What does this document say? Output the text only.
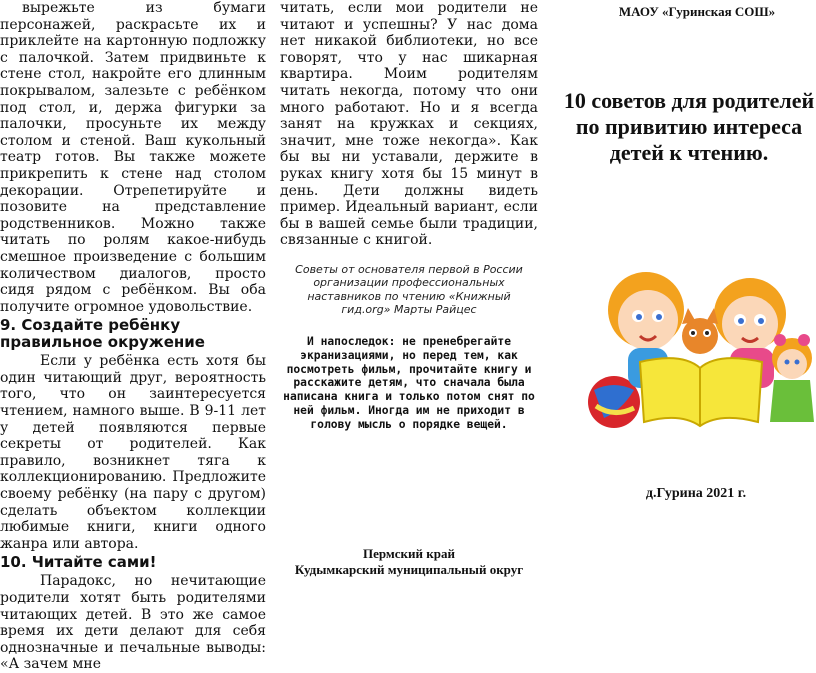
вырежьте из бумаги персонажей, раскрасьте их и приклейте на картонную подложку с палочкой. Затем придвиньте к стене стол, накройте его длинным покрывалом, залезьте с ребёнком под стол, и, держа фигурки за палочки, просуньте их между столом и стеной. Ваш кукольный театр готов. Вы также можете прикрепить к стене над столом декорации. Отрепетируйте и позовите на представление родственников. Можно также читать по ролям какое-нибудь смешное произведение с большим количеством диалогов, просто сидя рядом с ребёнком. Вы оба получите огромное удовольствие.

9. Создайте ребёнку правильное окружение

Если у ребёнка есть хотя бы один читающий друг, вероятность того, что он заинтересуется чтением, намного выше. В 9-11 лет у детей появляются первые секреты от родителей. Как правило, возникнет тяга к коллекционированию. Предложите своему ребёнку (на пару с другом) сделать объектом коллекции любимые книги, книги одного жанра или автора.

10. Читайте сами!

Парадокс, но нечитающие родители хотят быть родителями читающих детей. В это же самое время их дети делают для себя однозначные и печальные выводы: «А зачем мне

читать, если мои родители не читают и успешны? У нас дома нет никакой библиотеки, но все говорят, что у нас шикарная квартира. Моим родителям читать некогда, потому что они много работают. Но и я всегда занят на кружках и секциях, значит, мне тоже некогда». Как бы вы ни уставали, держите в руках книгу хотя бы 15 минут в день. Дети должны видеть пример. Идеальный вариант, если бы в вашей семье были традиции, связанные с книгой.

Советы от основателя первой в России организации профессиональных наставников по чтению «Книжный гид.org» Марты Райцес
И напоследок: не пренебрегайте экранизациями, но перед тем, как посмотреть фильм, прочитайте книгу и расскажите детям, что сначала была написана книга и только потом снят по ней фильм. Иногда им не приходит в голову мысль о порядке вещей.
Пермский край
Кудымкарский муниципальный округ
МАОУ «Гуринская СОШ»
10 советов для родителей по привитию интереса детей к чтению.
д.Гурина 2021 г.
